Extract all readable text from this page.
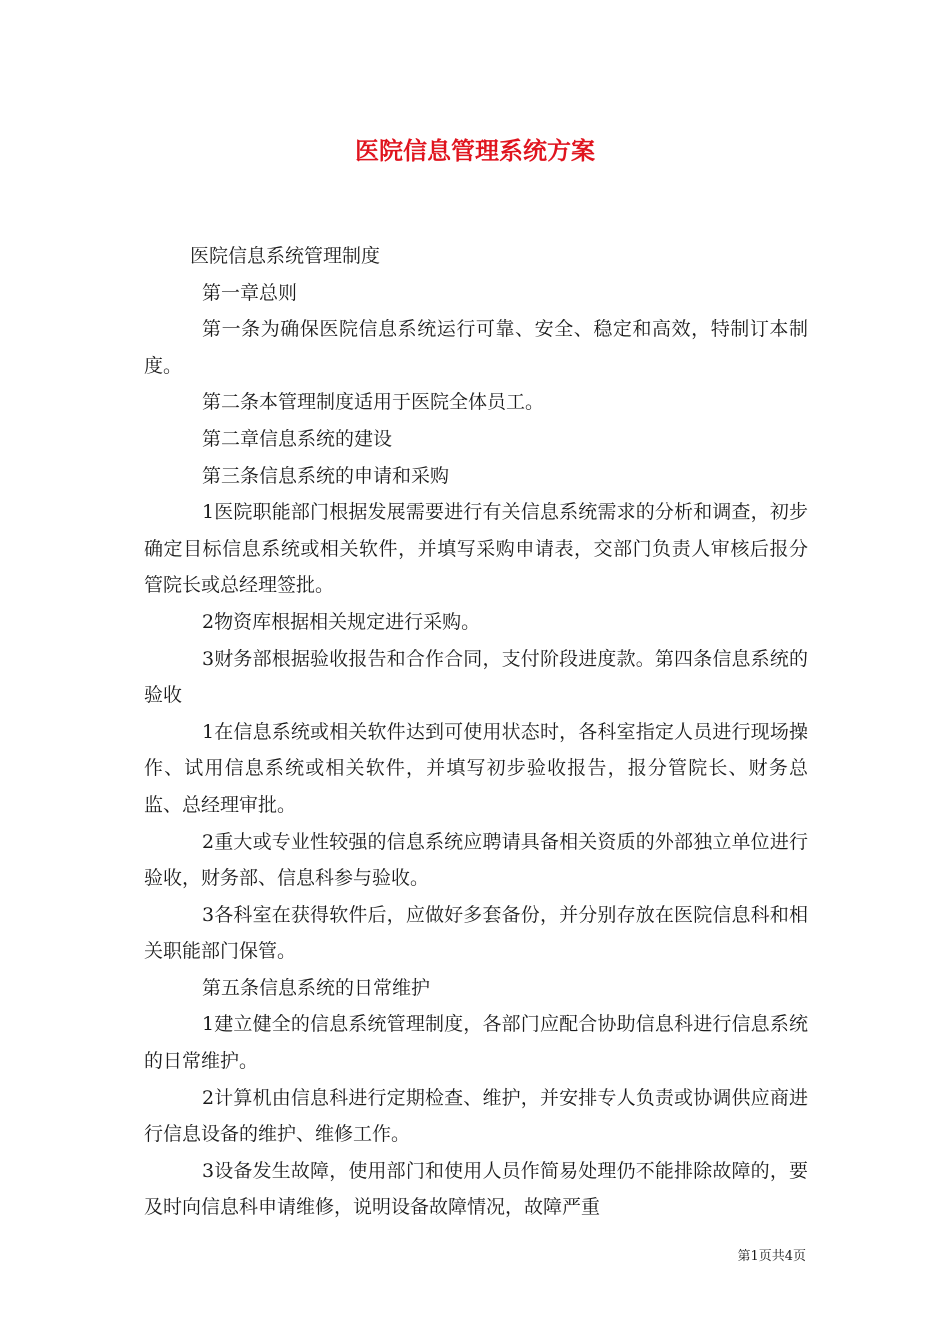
医院信息管理系统方案

医院信息系统管理制度

第一章总则

第一条为确保医院信息系统运行可靠、安全、稳定和高效，特制订本制度。

第二条本管理制度适用于医院全体员工。

第二章信息系统的建设

第三条信息系统的申请和采购

1医院职能部门根据发展需要进行有关信息系统需求的分析和调查，初步确定目标信息系统或相关软件，并填写采购申请表，交部门负责人审核后报分管院长或总经理签批。

2物资库根据相关规定进行采购。

3财务部根据验收报告和合作合同，支付阶段进度款。第四条信息系统的验收

1在信息系统或相关软件达到可使用状态时，各科室指定人员进行现场操作、试用信息系统或相关软件，并填写初步验收报告，报分管院长、财务总监、总经理审批。

2重大或专业性较强的信息系统应聘请具备相关资质的外部独立单位进行验收，财务部、信息科参与验收。

3各科室在获得软件后，应做好多套备份，并分别存放在医院信息科和相关职能部门保管。

第五条信息系统的日常维护

1建立健全的信息系统管理制度，各部门应配合协助信息科进行信息系统的日常维护。

2计算机由信息科进行定期检查、维护，并安排专人负责或协调供应商进行信息设备的维护、维修工作。

3设备发生故障，使用部门和使用人员作简易处理仍不能排除故障的，要及时向信息科申请维修，说明设备故障情况，故障严重

第1页共4页
